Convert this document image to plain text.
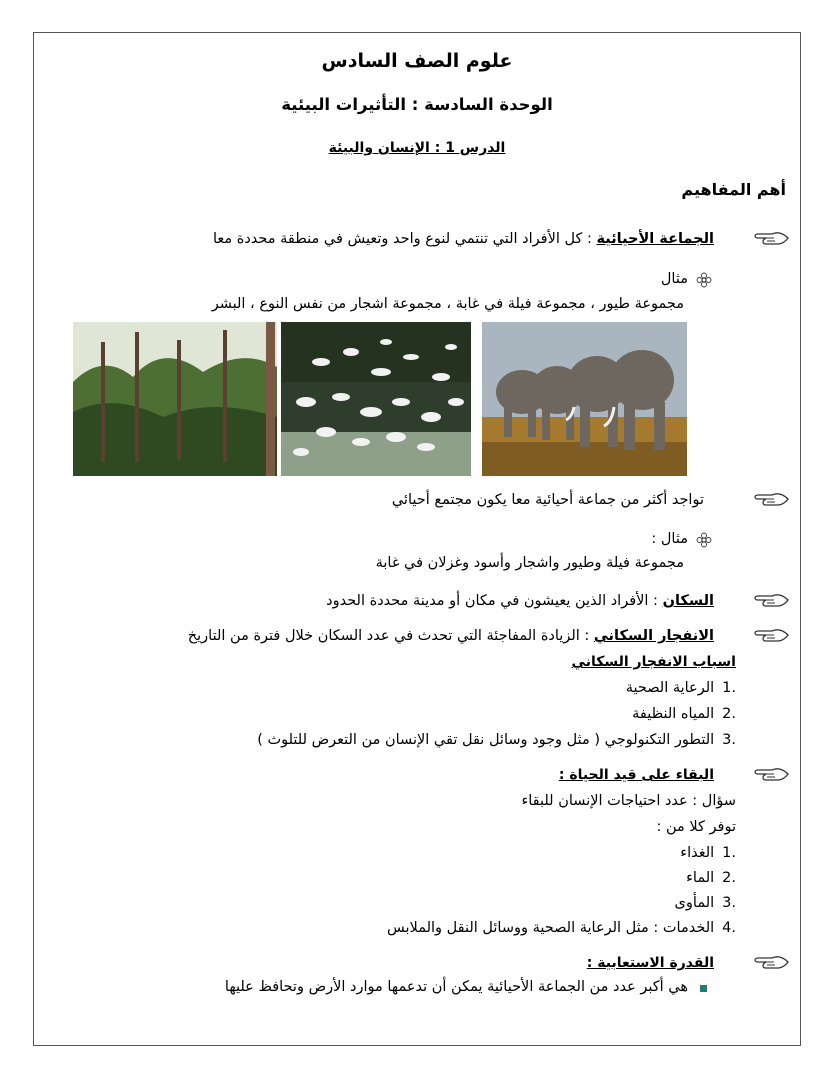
علوم الصف السادس
الوحدة السادسة : التأثيرات البيئية
الدرس 1 : الإنسان والبيئة
أهم المفاهيم
الجماعة الأحيائية : كل الأفراد التي تنتمي لنوع واحد وتعيش في منطقة محددة معا
مثال
مجموعة طيور ، مجموعة فيلة في غابة ، مجموعة اشجار من نفس النوع ، البشر
تواجد أكثر من جماعة أحيائية معا يكون مجتمع أحيائي
مثال :
مجموعة فيلة وطيور واشجار وأسود وغزلان في غابة
السكان : الأفراد الذين يعيشون في مكان أو مدينة محددة الحدود
الانفجار السكاني : الزيادة المفاجئة التي تحدث في عدد السكان خلال فترة من التاريخ
اسباب الانفجار السكاني
1.الرعاية الصحية
2.المياه النظيفة
3.التطور التكنولوجي ( مثل وجود وسائل نقل تقي الإنسان من التعرض للتلوث )
البقاء على قيد الحياة :
سؤال : عدد احتياجات الإنسان للبقاء
توفر كلا من :
1.الغذاء
2.الماء
3.المأوى
4.الخدمات : مثل الرعاية الصحية ووسائل النقل والملابس
القدرة الاستعابية :
هي أكبر عدد من الجماعة الأحيائية يمكن أن تدعمها موارد الأرض وتحافظ عليها
